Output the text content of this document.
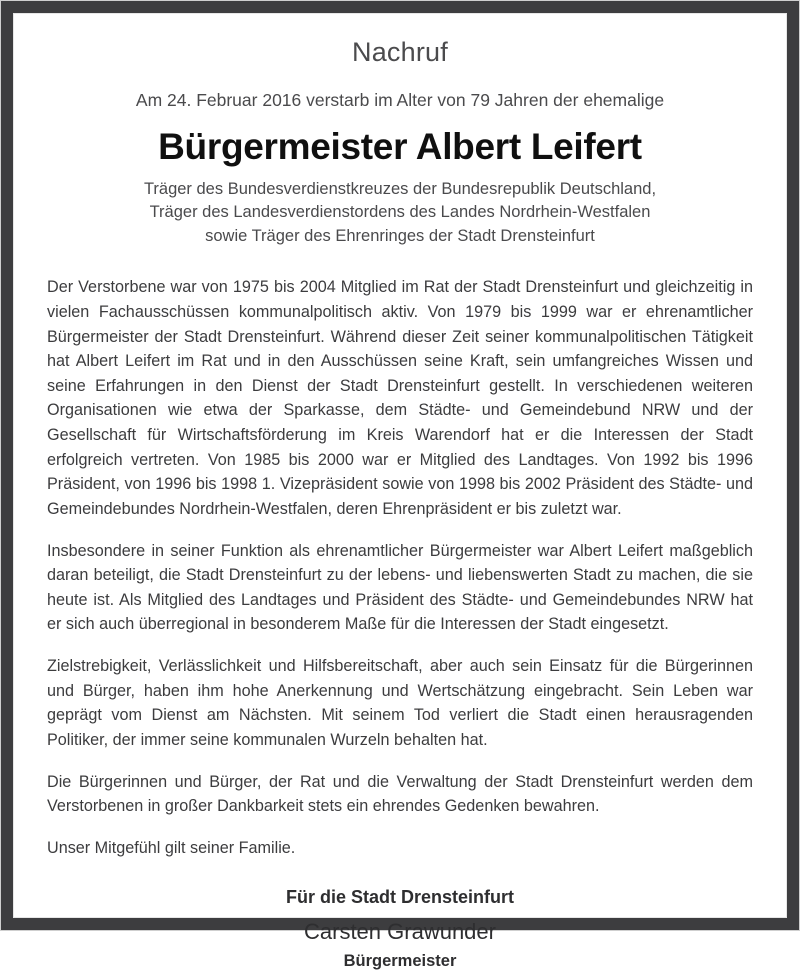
Nachruf
Am 24. Februar 2016 verstarb im Alter von 79 Jahren der ehemalige
Bürgermeister Albert Leifert
Träger des Bundesverdienstkreuzes der Bundesrepublik Deutschland,
Träger des Landesverdienstordens des Landes Nordrhein-Westfalen
sowie Träger des Ehrenringes der Stadt Drensteinfurt

Der Verstorbene war von 1975 bis 2004 Mitglied im Rat der Stadt Drensteinfurt und gleichzeitig in vielen Fachausschüssen kommunalpolitisch aktiv. Von 1979 bis 1999 war er ehrenamtlicher Bürgermeister der Stadt Drensteinfurt. Während dieser Zeit seiner kommunalpolitischen Tätigkeit hat Albert Leifert im Rat und in den Ausschüssen seine Kraft, sein umfangreiches Wissen und seine Erfahrungen in den Dienst der Stadt Drensteinfurt gestellt. In verschiedenen weiteren Organisationen wie etwa der Sparkasse, dem Städte- und Gemeindebund NRW und der Gesellschaft für Wirtschaftsförderung im Kreis Warendorf hat er die Interessen der Stadt erfolgreich vertreten. Von 1985 bis 2000 war er Mitglied des Landtages. Von 1992 bis 1996 Präsident, von 1996 bis 1998 1. Vizepräsident sowie von 1998 bis 2002 Präsident des Städte- und Gemeindebundes Nordrhein-Westfalen, deren Ehrenpräsident er bis zuletzt war.

Insbesondere in seiner Funktion als ehrenamtlicher Bürgermeister war Albert Leifert maßgeblich daran beteiligt, die Stadt Drensteinfurt zu der lebens- und liebenswerten Stadt zu machen, die sie heute ist. Als Mitglied des Landtages und Präsident des Städte- und Gemeindebundes NRW hat er sich auch überregional in besonderem Maße für die Interessen der Stadt eingesetzt.

Zielstrebigkeit, Verlässlichkeit und Hilfsbereitschaft, aber auch sein Einsatz für die Bürgerinnen und Bürger, haben ihm hohe Anerkennung und Wertschätzung eingebracht. Sein Leben war geprägt vom Dienst am Nächsten. Mit seinem Tod verliert die Stadt einen herausragenden Politiker, der immer seine kommunalen Wurzeln behalten hat.

Die Bürgerinnen und Bürger, der Rat und die Verwaltung der Stadt Drensteinfurt werden dem Verstorbenen in großer Dankbarkeit stets ein ehrendes Gedenken bewahren.

Unser Mitgefühl gilt seiner Familie.

Für die Stadt Drensteinfurt
Carsten Grawunder
Bürgermeister
